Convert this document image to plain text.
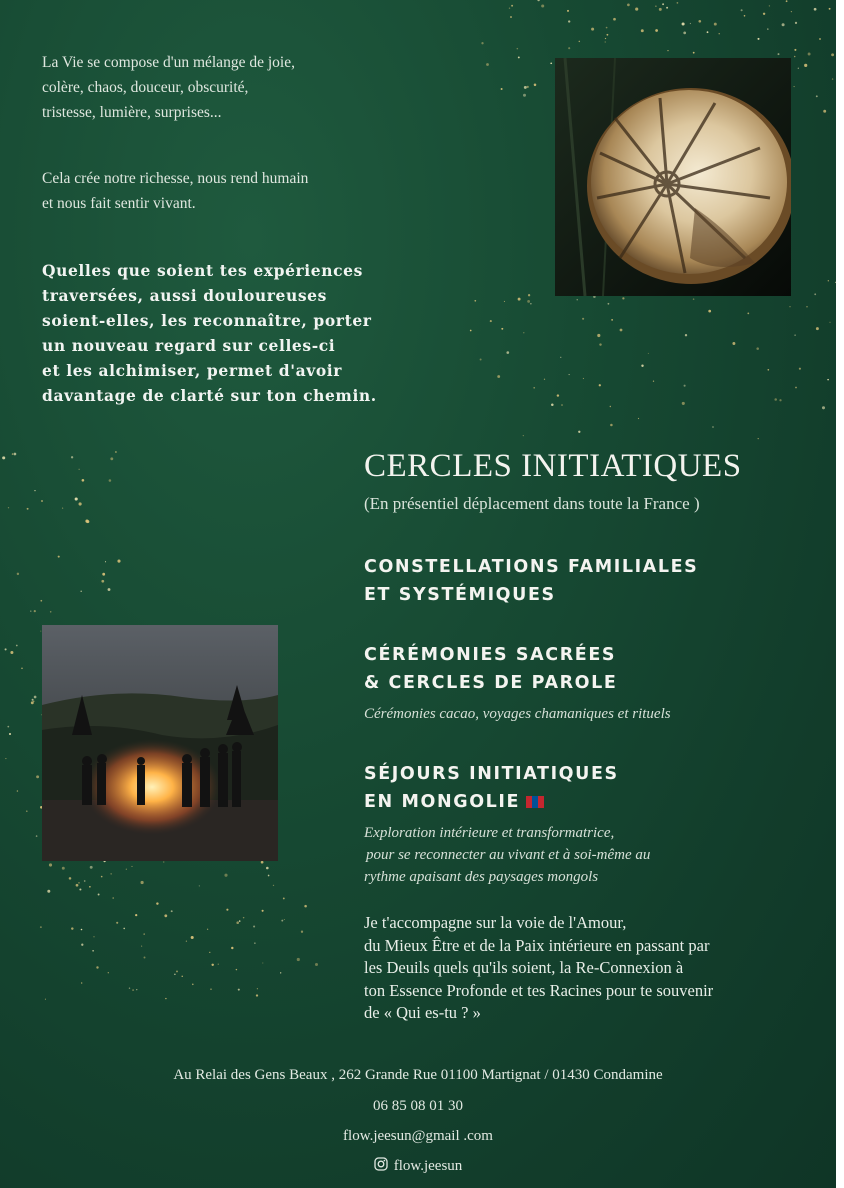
La Vie se compose d'un mélange de joie,
colère, chaos, douceur, obscurité,
tristesse, lumière, surprises...
Cela crée notre richesse, nous rend humain
et nous fait sentir vivant.
Quelles que soient tes expériences
traversées, aussi douloureuses
soient-elles, les reconnaître, porter
un nouveau regard sur celles-ci
et les alchimiser, permet d'avoir
davantage de clarté sur ton chemin.
CERCLES INITIATIQUES
(En présentiel déplacement dans toute la France )
CONSTELLATIONS FAMILIALES
ET SYSTÉMIQUES
CÉRÉMONIES SACRÉES
& CERCLES DE PAROLE
Cérémonies cacao, voyages chamaniques et rituels
SÉJOURS INITIATIQUES
EN MONGOLIE
Exploration intérieure et transformatrice,
pour se reconnecter au vivant et à soi-même au
rythme apaisant des paysages mongols
Je t'accompagne sur la voie de l'Amour,
du Mieux Être et de la Paix intérieure en passant par
les Deuils quels qu'ils soient, la Re-Connexion à
ton Essence Profonde et tes Racines pour te souvenir
de « Qui es-tu ? »
Au Relai des Gens Beaux , 262 Grande Rue 01100 Martignat / 01430 Condamine
06 85 08 01 30
flow.jeesun@gmail .com
flow.jeesun
